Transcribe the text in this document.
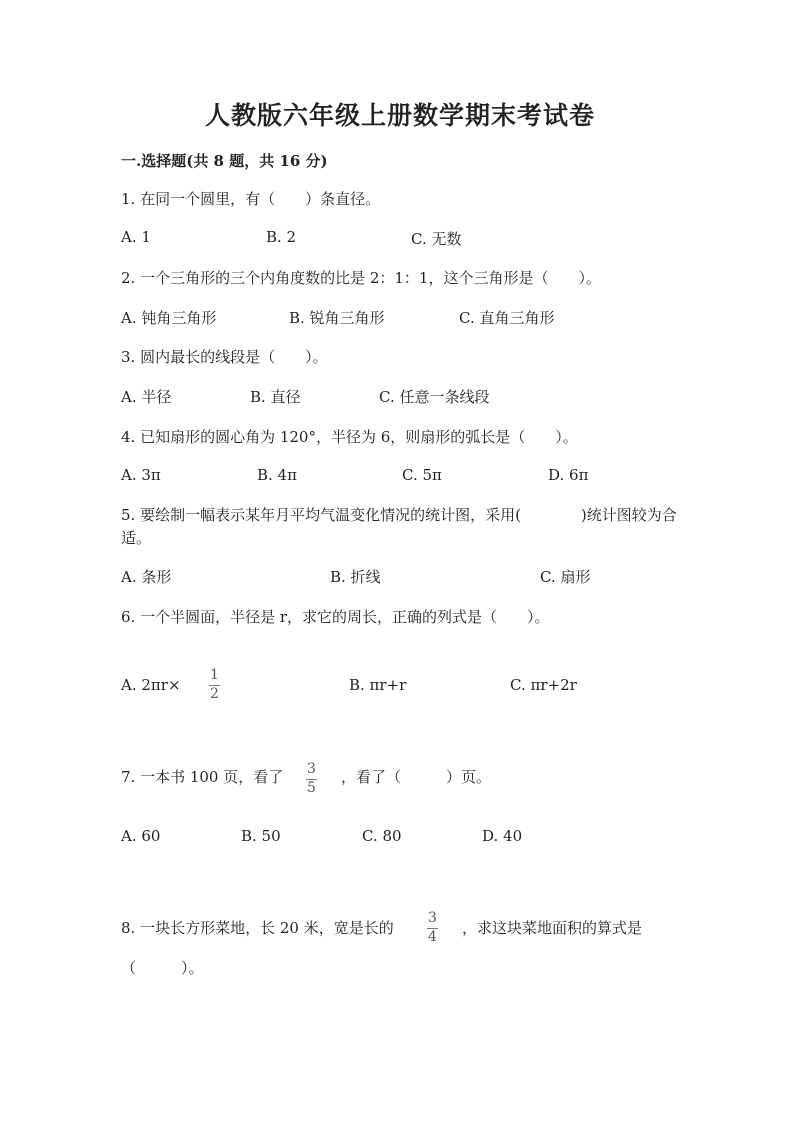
人教版六年级上册数学期末考试卷
一.选择题(共 8 题，共 16 分)
1. 在同一个圆里，有（　　）条直径。
A. 1	B. 2	C. 无数
2. 一个三角形的三个内角度数的比是 2：1：1，这个三角形是（　　）。
A. 钝角三角形	B. 锐角三角形	C. 直角三角形
3. 圆内最长的线段是（　　）。
A. 半径	B. 直径	C. 任意一条线段
4. 已知扇形的圆心角为 120°，半径为 6，则扇形的弧长是（　　）。
A. 3π	B. 4π	C. 5π	D. 6π
5. 要绘制一幅表示某年月平均气温变化情况的统计图，采用(　　　　)统计图较为合适。
A. 条形	B. 折线	C. 扇形
6. 一个半圆面，半径是 r，求它的周长，正确的列式是（　　）。
A. 2πr×
1
2	B. πr+r	C. πr+2r
7. 一本书 100 页，看了 3
5
，看了（　　　）页。
A. 60	B. 50	C. 80	D. 40
8. 一块长方形菜地，长 20 米，宽是长的
3
4 ，求这块菜地面积的算式是
（　　　）。
